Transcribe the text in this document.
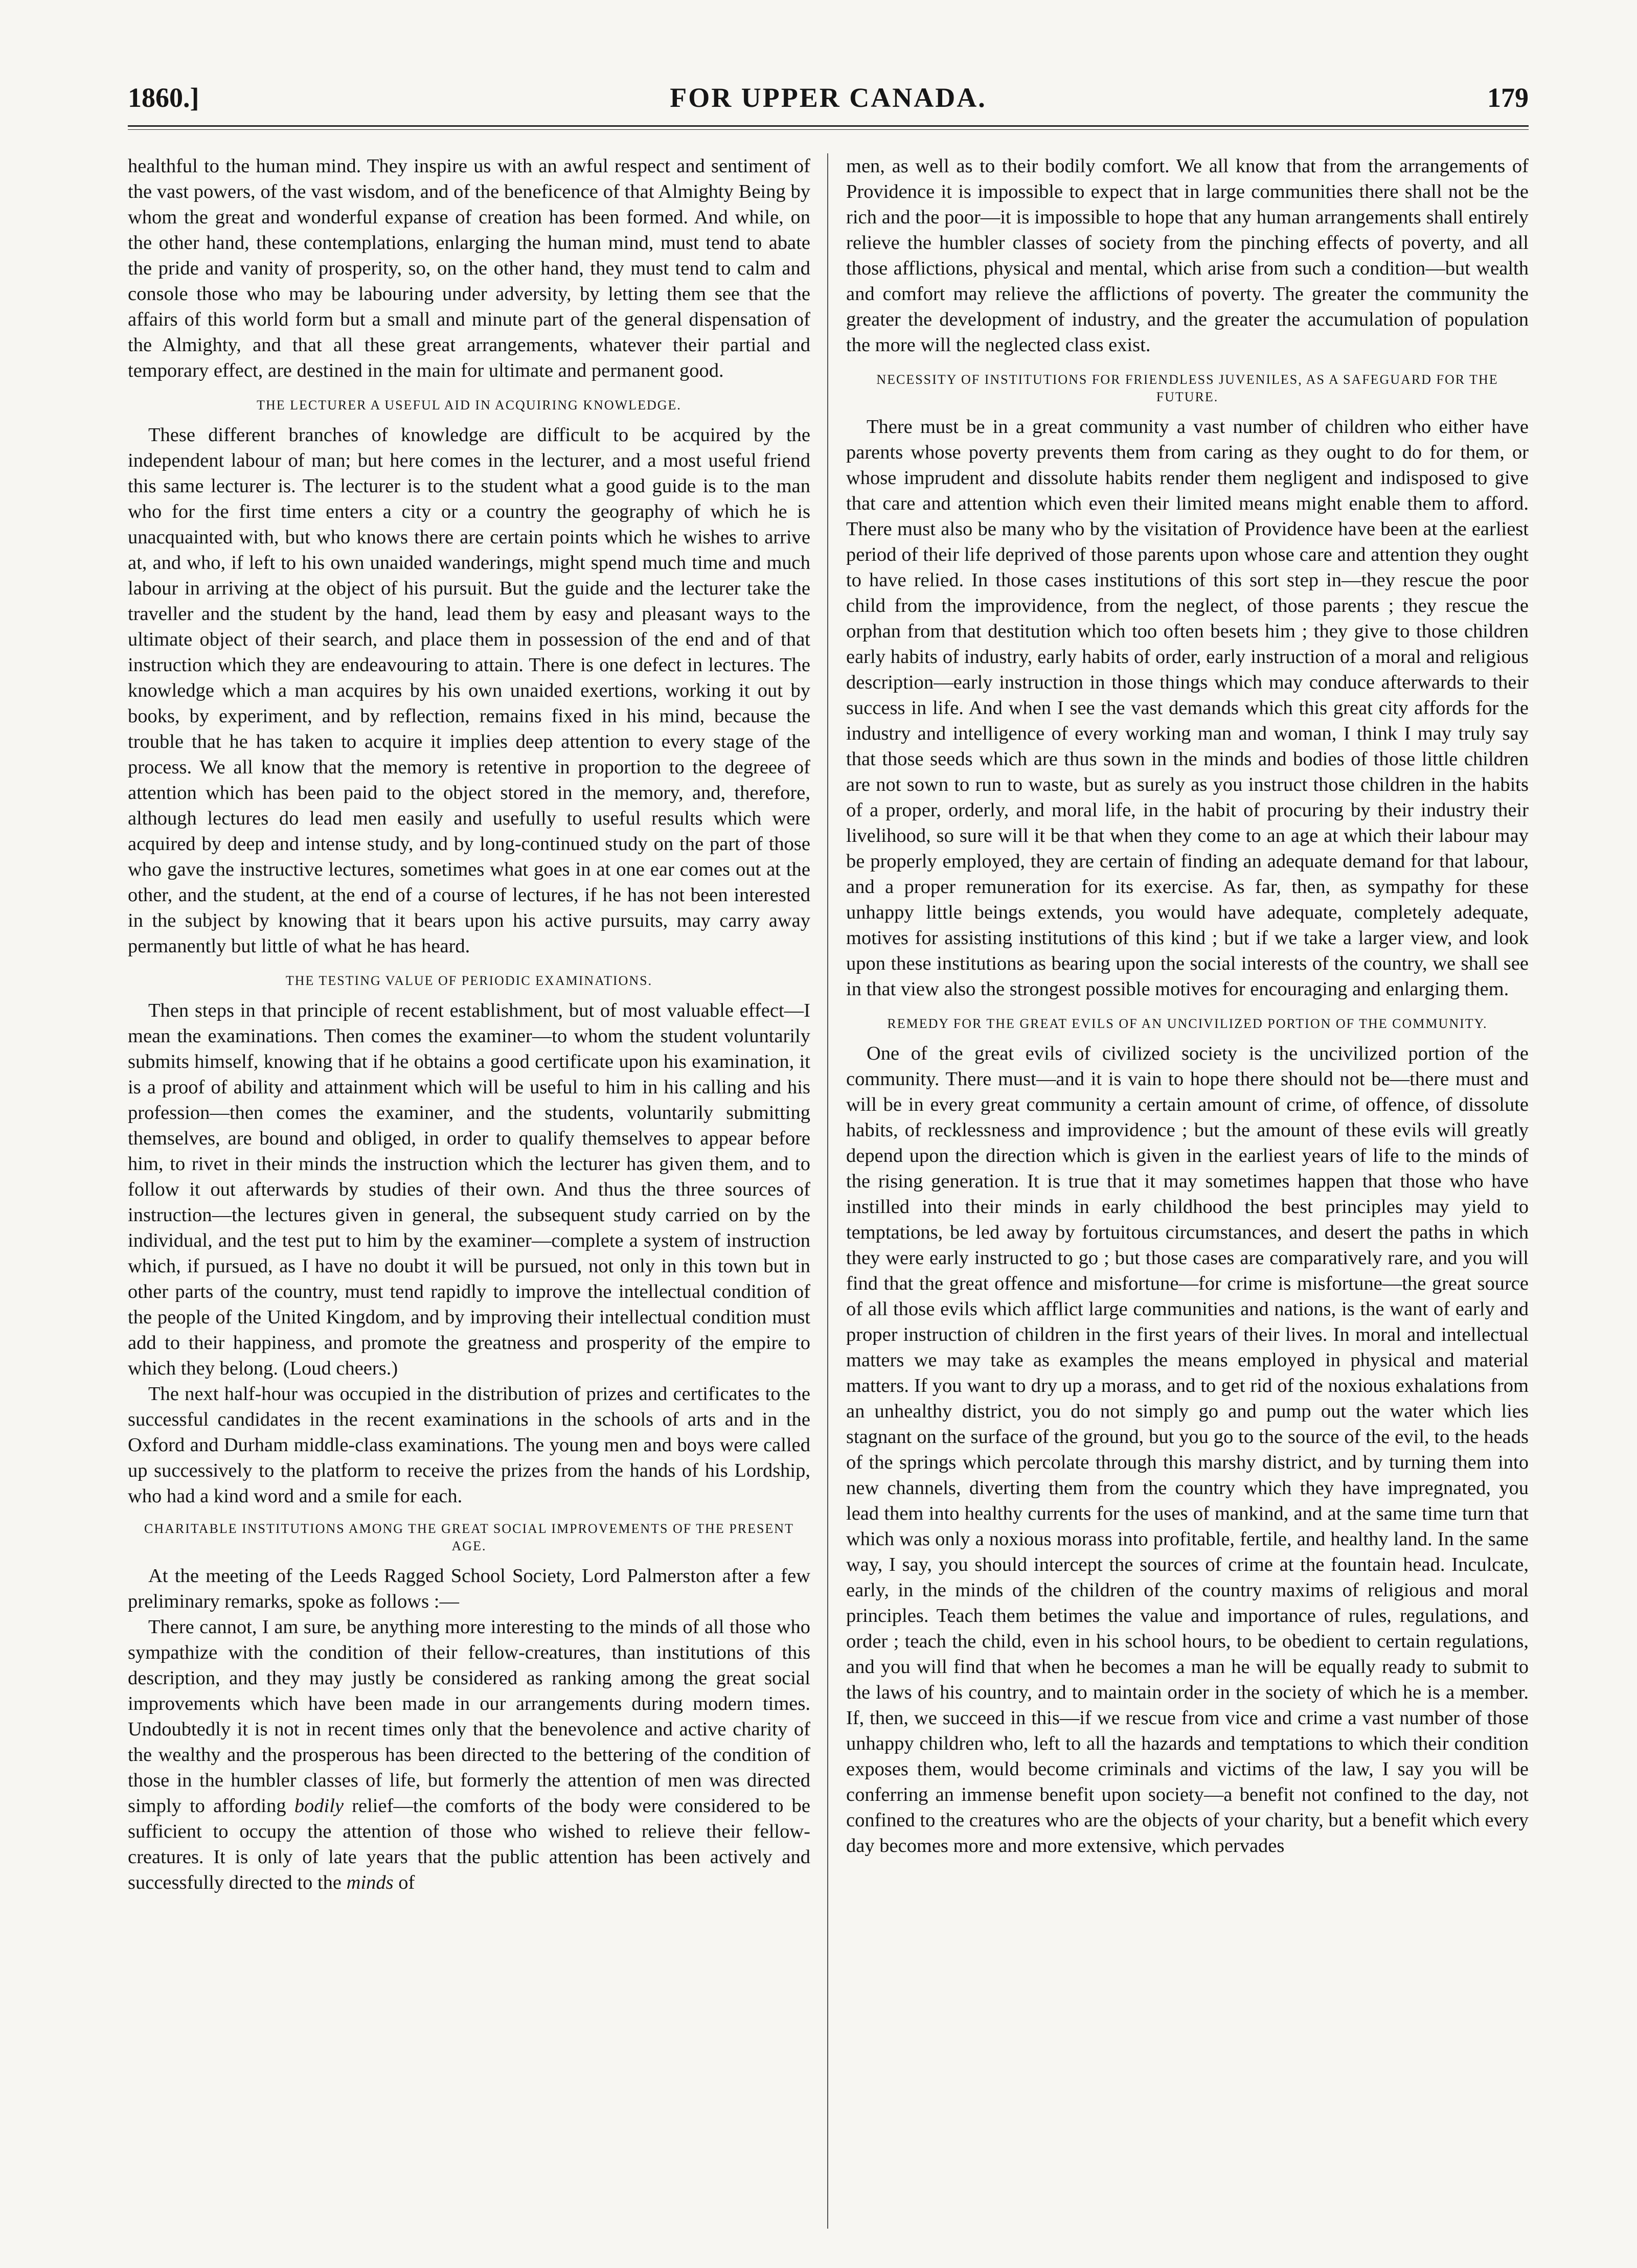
1860.]	FOR UPPER CANADA.	179

healthful to the human mind. They inspire us with an awful respect and sentiment of the vast powers, of the vast wisdom, and of the beneficence of that Almighty Being by whom the great and wonderful expanse of creation has been formed. And while, on the other hand, these contemplations, enlarging the human mind, must tend to abate the pride and vanity of prosperity, so, on the other hand, they must tend to calm and console those who may be labouring under adversity, by letting them see that the affairs of this world form but a small and minute part of the general dispensation of the Almighty, and that all these great arrangements, whatever their partial and temporary effect, are destined in the main for ultimate and permanent good.

THE LECTURER A USEFUL AID IN ACQUIRING KNOWLEDGE.

These different branches of knowledge are difficult to be acquired by the independent labour of man; but here comes in the lecturer, and a most useful friend this same lecturer is. The lecturer is to the student what a good guide is to the man who for the first time enters a city or a country the geography of which he is unacquainted with, but who knows there are certain points which he wishes to arrive at, and who, if left to his own unaided wanderings, might spend much time and much labour in arriving at the object of his pursuit. But the guide and the lecturer take the traveller and the student by the hand, lead them by easy and pleasant ways to the ultimate object of their search, and place them in possession of the end and of that instruction which they are endeavouring to attain. There is one defect in lectures. The knowledge which a man acquires by his own unaided exertions, working it out by books, by experiment, and by reflection, remains fixed in his mind, because the trouble that he has taken to acquire it implies deep attention to every stage of the process. We all know that the memory is retentive in proportion to the degreee of attention which has been paid to the object stored in the memory, and, therefore, although lectures do lead men easily and usefully to useful results which were acquired by deep and intense study, and by long-continued study on the part of those who gave the instructive lectures, sometimes what goes in at one ear comes out at the other, and the student, at the end of a course of lectures, if he has not been interested in the subject by knowing that it bears upon his active pursuits, may carry away permanently but little of what he has heard.

THE TESTING VALUE OF PERIODIC EXAMINATIONS.

Then steps in that principle of recent establishment, but of most valuable effect—I mean the examinations. Then comes the examiner—to whom the student voluntarily submits himself, knowing that if he obtains a good certificate upon his examination, it is a proof of ability and attainment which will be useful to him in his calling and his profession—then comes the examiner, and the students, voluntarily submitting themselves, are bound and obliged, in order to qualify themselves to appear before him, to rivet in their minds the instruction which the lecturer has given them, and to follow it out afterwards by studies of their own. And thus the three sources of instruction—the lectures given in general, the subsequent study carried on by the individual, and the test put to him by the examiner—complete a system of instruction which, if pursued, as I have no doubt it will be pursued, not only in this town but in other parts of the country, must tend rapidly to improve the intellectual condition of the people of the United Kingdom, and by improving their intellectual condition must add to their happiness, and promote the greatness and prosperity of the empire to which they belong. (Loud cheers.)

The next half-hour was occupied in the distribution of prizes and certificates to the successful candidates in the recent examinations in the schools of arts and in the Oxford and Durham middle-class examinations. The young men and boys were called up successively to the platform to receive the prizes from the hands of his Lordship, who had a kind word and a smile for each.

CHARITABLE INSTITUTIONS AMONG THE GREAT SOCIAL IMPROVEMENTS OF THE PRESENT AGE.

At the meeting of the Leeds Ragged School Society, Lord Palmerston after a few preliminary remarks, spoke as follows :—

There cannot, I am sure, be anything more interesting to the minds of all those who sympathize with the condition of their fellow-creatures, than institutions of this description, and they may justly be considered as ranking among the great social improvements which have been made in our arrangements during modern times. Undoubtedly it is not in recent times only that the benevolence and active charity of the wealthy and the prosperous has been directed to the bettering of the condition of those in the humbler classes of life, but formerly the attention of men was directed simply to affording bodily relief—the comforts of the body were considered to be sufficient to occupy the attention of those who wished to relieve their fellow-creatures. It is only of late years that the public attention has been actively and successfully directed to the minds of

men, as well as to their bodily comfort. We all know that from the arrangements of Providence it is impossible to expect that in large communities there shall not be the rich and the poor—it is impossible to hope that any human arrangements shall entirely relieve the humbler classes of society from the pinching effects of poverty, and all those afflictions, physical and mental, which arise from such a condition—but wealth and comfort may relieve the afflictions of poverty. The greater the community the greater the development of industry, and the greater the accumulation of population the more will the neglected class exist.

NECESSITY OF INSTITUTIONS FOR FRIENDLESS JUVENILES, AS A SAFEGUARD FOR THE FUTURE.

There must be in a great community a vast number of children who either have parents whose poverty prevents them from caring as they ought to do for them, or whose imprudent and dissolute habits render them negligent and indisposed to give that care and attention which even their limited means might enable them to afford. There must also be many who by the visitation of Providence have been at the earliest period of their life deprived of those parents upon whose care and attention they ought to have relied. In those cases institutions of this sort step in—they rescue the poor child from the improvidence, from the neglect, of those parents ; they rescue the orphan from that destitution which too often besets him ; they give to those children early habits of industry, early habits of order, early instruction of a moral and religious description—early instruction in those things which may conduce afterwards to their success in life. And when I see the vast demands which this great city affords for the industry and intelligence of every working man and woman, I think I may truly say that those seeds which are thus sown in the minds and bodies of those little children are not sown to run to waste, but as surely as you instruct those children in the habits of a proper, orderly, and moral life, in the habit of procuring by their industry their livelihood, so sure will it be that when they come to an age at which their labour may be properly employed, they are certain of finding an adequate demand for that labour, and a proper remuneration for its exercise. As far, then, as sympathy for these unhappy little beings extends, you would have adequate, completely adequate, motives for assisting institutions of this kind ; but if we take a larger view, and look upon these institutions as bearing upon the social interests of the country, we shall see in that view also the strongest possible motives for encouraging and enlarging them.

REMEDY FOR THE GREAT EVILS OF AN UNCIVILIZED PORTION OF THE COMMUNITY.

One of the great evils of civilized society is the uncivilized portion of the community. There must—and it is vain to hope there should not be—there must and will be in every great community a certain amount of crime, of offence, of dissolute habits, of recklessness and improvidence ; but the amount of these evils will greatly depend upon the direction which is given in the earliest years of life to the minds of the rising generation. It is true that it may sometimes happen that those who have instilled into their minds in early childhood the best principles may yield to temptations, be led away by fortuitous circumstances, and desert the paths in which they were early instructed to go ; but those cases are comparatively rare, and you will find that the great offence and misfortune—for crime is misfortune—the great source of all those evils which afflict large communities and nations, is the want of early and proper instruction of children in the first years of their lives. In moral and intellectual matters we may take as examples the means employed in physical and material matters. If you want to dry up a morass, and to get rid of the noxious exhalations from an unhealthy district, you do not simply go and pump out the water which lies stagnant on the surface of the ground, but you go to the source of the evil, to the heads of the springs which percolate through this marshy district, and by turning them into new channels, diverting them from the country which they have impregnated, you lead them into healthy currents for the uses of mankind, and at the same time turn that which was only a noxious morass into profitable, fertile, and healthy land. In the same way, I say, you should intercept the sources of crime at the fountain head. Inculcate, early, in the minds of the children of the country maxims of religious and moral principles. Teach them betimes the value and importance of rules, regulations, and order ; teach the child, even in his school hours, to be obedient to certain regulations, and you will find that when he becomes a man he will be equally ready to submit to the laws of his country, and to maintain order in the society of which he is a member. If, then, we succeed in this—if we rescue from vice and crime a vast number of those unhappy children who, left to all the hazards and temptations to which their condition exposes them, would become criminals and victims of the law, I say you will be conferring an immense benefit upon society—a benefit not confined to the day, not confined to the creatures who are the objects of your charity, but a benefit which every day becomes more and more extensive, which pervades
